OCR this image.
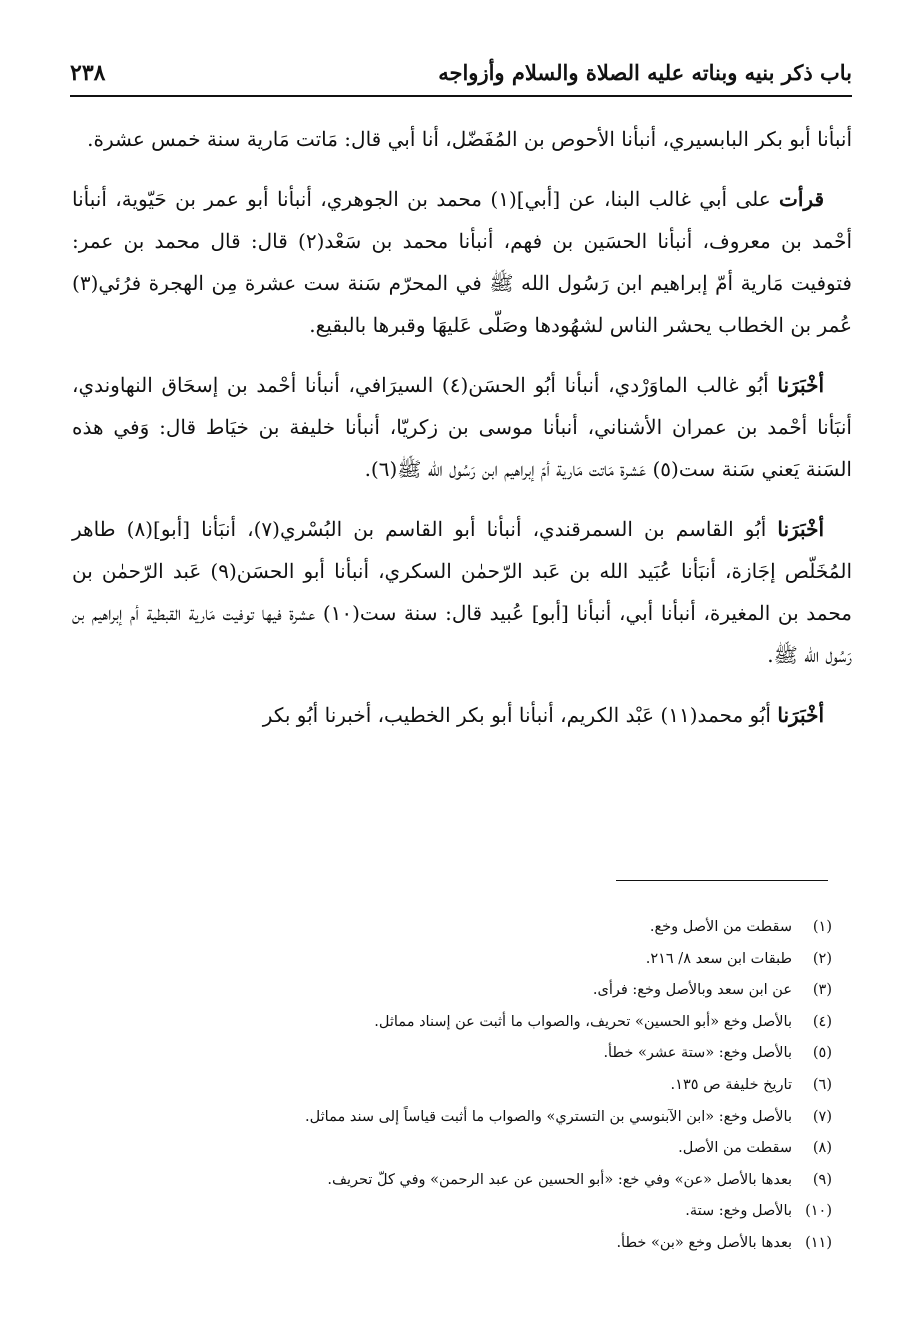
باب ذكر بنيه وبناته عليه الصلاة والسلام وأزواجه
٢٣٨

أنبأنا أبو بكر البابسيري، أنبأنا الأحوص بن المُفَضّل، أنا أبي قال: مَاتت مَارية سنة خمس عشرة.

قرأت على أبي غالب البنا، عن [أبي](١) محمد بن الجوهري، أنبأنا أبو عمر بن حَيّوية، أنبأنا أحْمد بن معروف، أنبأنا الحسَين بن فهم، أنبأنا محمد بن سَعْد(٢) قال: قال محمد بن عمر: فتوفيت مَارية أمّ إبراهيم ابن رَسُول الله ﷺ في المحرّم سَنة ست عشرة مِن الهجرة فرُئي(٣) عُمر بن الخطاب يحشر الناس لشهُودها وصَلّى عَليهَا وقبرها بالبقيع.

أخْبَرَنا أبُو غالب الماوَرْدي، أنبأنا أبُو الحسَن(٤) السيرَافي، أنبأنا أحْمد بن إسحَاق النهاوندي، أنبَأنا أحْمد بن عمران الأشناني، أنبأنا موسى بن زكريّا، أنبأنا خليفة بن خيَاط قال: وَفي هذه السَنة يَعني سَنة ست(٥) عَشرة مَاتت مَارية أمّ إبراهيم ابن رَسُول الله ﷺ(٦).

أخْبَرَنا أبُو القاسم بن السمرقندي، أنبأنا أبو القاسم بن البُسْري(٧)، أنبَأنا [أبو](٨) طاهر المُخَلّص إجَازة، أنبَأنا عُبَيد الله بن عَبد الرّحمٰن السكري، أنبأنا أبو الحسَن(٩) عَبد الرّحمٰن بن محمد بن المغيرة، أنبأنا أبي، أنبأنا [أبو] عُبيد قال: سنة ست(١٠) عشرة فيها توفيت مَارية القبطية أم إبراهيم بن رَسُول الله ﷺ.

أخْبَرَنا أبُو محمد(١١) عَبْد الكريم، أنبأنا أبو بكر الخطيب، أخبرنا أبُو بكر

(١)سقطت من الأصل وخع.
(٢)طبقات ابن سعد ٨/ ٢١٦.
(٣)عن ابن سعد وبالأصل وخع: فرأى.
(٤)بالأصل وخع «أبو الحسين» تحريف، والصواب ما أثبت عن إسناد مماثل.
(٥)بالأصل وخع: «ستة عشر» خطأ.
(٦)تاريخ خليفة ص ١٣٥.
(٧)بالأصل وخع: «ابن الآبنوسي بن التستري» والصواب ما أثبت قياساً إلى سند مماثل.
(٨)سقطت من الأصل.
(٩)بعدها بالأصل «عن» وفي خع: «أبو الحسين عن عبد الرحمن» وفي كلّ تحريف.
(١٠)بالأصل وخع: ستة.
(١١)بعدها بالأصل وخع «بن» خطأ.
